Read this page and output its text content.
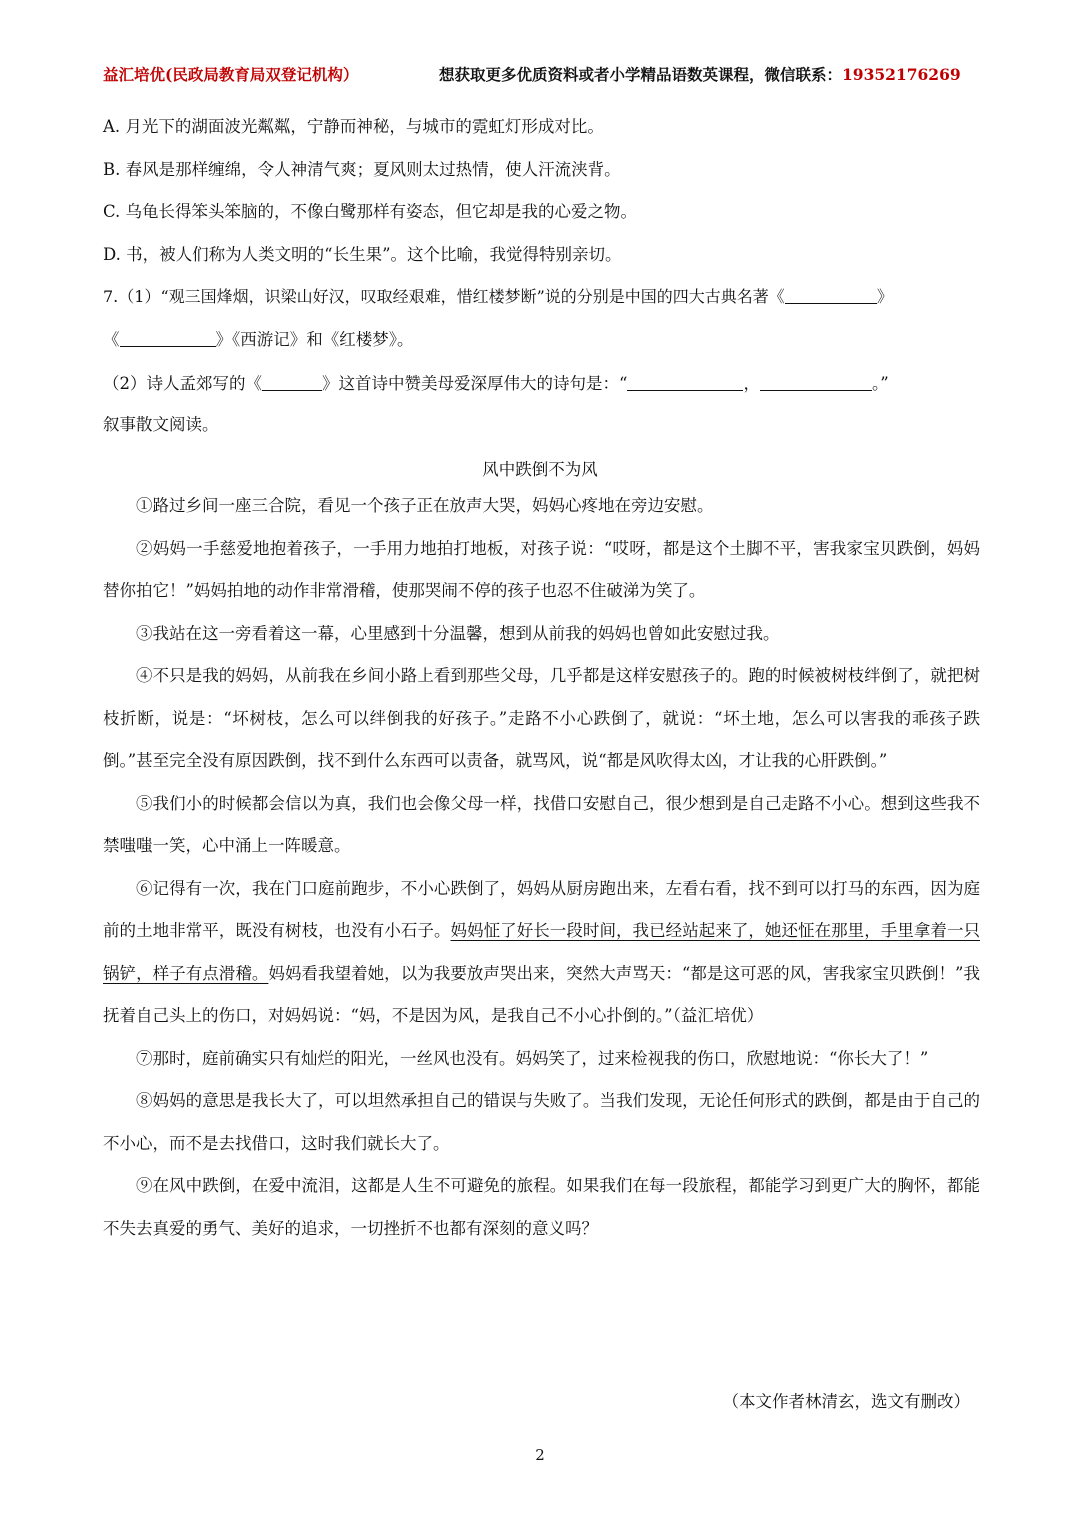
益汇培优(民政局教育局双登记机构）	想获取更多优质资料或者小学精品语数英课程，微信联系：19352176269
A. 月光下的湖面波光粼粼，宁静而神秘，与城市的霓虹灯形成对比。
B. 春风是那样缠绵，令人神清气爽；夏风则太过热情，使人汗流浃背。
C. 乌龟长得笨头笨脑的，不像白鹭那样有姿态，但它却是我的心爱之物。
D. 书，被人们称为人类文明的“长生果”。这个比喻，我觉得特别亲切。
7.（1）“观三国烽烟，识梁山好汉，叹取经艰难，惜红楼梦断”说的分别是中国的四大古典名著《	》
《	》《西游记》和《红楼梦》。
（2）诗人孟郊写的《	》这首诗中赞美母爱深厚伟大的诗句是：“	，	。”
叙事散文阅读。
风中跌倒不为风

①路过乡间一座三合院，看见一个孩子正在放声大哭，妈妈心疼地在旁边安慰。

②妈妈一手慈爱地抱着孩子，一手用力地拍打地板，对孩子说：“哎呀，都是这个土脚不平，害我家宝贝跌倒，妈妈替你拍它！”妈妈拍地的动作非常滑稽，使那哭闹不停的孩子也忍不住破涕为笑了。

③我站在这一旁看着这一幕，心里感到十分温馨，想到从前我的妈妈也曾如此安慰过我。

④不只是我的妈妈，从前我在乡间小路上看到那些父母，几乎都是这样安慰孩子的。跑的时候被树枝绊倒了，就把树枝折断，说是：“坏树枝，怎么可以绊倒我的好孩子。”走路不小心跌倒了，就说：“坏土地，怎么可以害我的乖孩子跌倒。”甚至完全没有原因跌倒，找不到什么东西可以责备，就骂风，说“都是风吹得太凶，才让我的心肝跌倒。”

⑤我们小的时候都会信以为真，我们也会像父母一样，找借口安慰自己，很少想到是自己走路不小心。想到这些我不禁嗤嗤一笑，心中涌上一阵暖意。

⑥记得有一次，我在门口庭前跑步，不小心跌倒了，妈妈从厨房跑出来，左看右看，找不到可以打马的东西，因为庭前的土地非常平，既没有树枝，也没有小石子。妈妈怔了好长一段时间，我已经站起来了，她还怔在那里，手里拿着一只锅铲，样子有点滑稽。妈妈看我望着她，以为我要放声哭出来，突然大声骂天：“都是这可恶的风，害我家宝贝跌倒！”我抚着自己头上的伤口，对妈妈说：“妈，不是因为风，是我自己不小心扑倒的。”（益汇培优）

⑦那时，庭前确实只有灿烂的阳光，一丝风也没有。妈妈笑了，过来检视我的伤口，欣慰地说：“你长大了！”

⑧妈妈的意思是我长大了，可以坦然承担自己的错误与失败了。当我们发现，无论任何形式的跌倒，都是由于自己的不小心，而不是去找借口，这时我们就长大了。

⑨在风中跌倒，在爱中流泪，这都是人生不可避免的旅程。如果我们在每一段旅程，都能学习到更广大的胸怀，都能不失去真爱的勇气、美好的追求，一切挫折不也都有深刻的意义吗？

（本文作者林清玄，选文有删改）
2
